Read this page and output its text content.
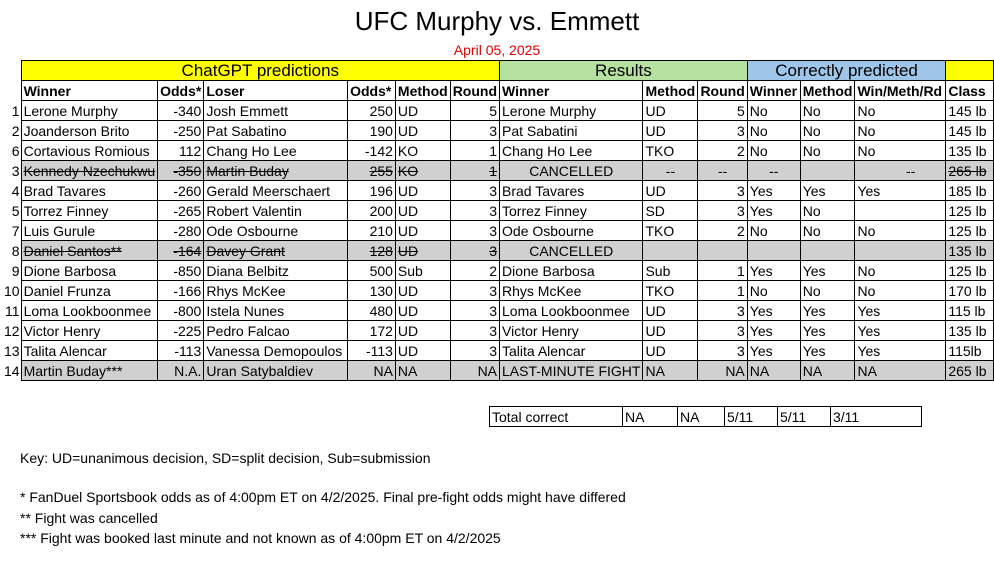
UFC Murphy vs. Emmett
April 05, 2025
	ChatGPT predictions						Results			Correctly predicted			
	Winner	Odds*	Loser	Odds*	Method	Round	Winner	Method	Round	Winner	Method	Win/Meth/Rd	Class
1	Lerone Murphy	-340	Josh Emmett	250	UD	5	Lerone Murphy	UD	5	No	No	No	145 lb
2	Joanderson Brito	-250	Pat Sabatino	190	UD	3	Pat Sabatini	UD	3	No	No	No	145 lb
6	Cortavious Romious	112	Chang Ho Lee	-142	KO	1	Chang Ho Lee	TKO	2	No	No	No	135 lb
3	Kennedy Nzechukwu	-350	Martin Buday	255	KO	1	CANCELLED	--	--	--		--	265 lb
4	Brad Tavares	-260	Gerald Meerschaert	196	UD	3	Brad Tavares	UD	3	Yes	Yes	Yes	185 lb
5	Torrez Finney	-265	Robert Valentin	200	UD	3	Torrez Finney	SD	3	Yes	No		125 lb
7	Luis Gurule	-280	Ode Osbourne	210	UD	3	Ode Osbourne	TKO	2	No	No	No	125 lb
8	Daniel Santos**	-164	Davey Grant	128	UD	3	CANCELLED						135 lb
9	Dione Barbosa	-850	Diana Belbitz	500	Sub	2	Dione Barbosa	Sub	1	Yes	Yes	No	125 lb
10	Daniel Frunza	-166	Rhys McKee	130	UD	3	Rhys McKee	TKO	1	No	No	No	170 lb
11	Loma Lookboonmee	-800	Istela Nunes	480	UD	3	Loma Lookboonmee	UD	3	Yes	Yes	Yes	115 lb
12	Victor Henry	-225	Pedro Falcao	172	UD	3	Victor Henry	UD	3	Yes	Yes	Yes	135 lb
13	Talita Alencar	-113	Vanessa Demopoulos	-113	UD	3	Talita Alencar	UD	3	Yes	Yes	Yes	115lb
14	Martin Buday***	N.A.	Uran Satybaldiev	NA	NA	NA	LAST-MINUTE FIGHT	NA	NA	NA	NA	NA	265 lb
Total correct	NA	NA	5/11	5/11	3/11
Key: UD=unanimous decision, SD=split decision, Sub=submission
* FanDuel Sportsbook odds as of 4:00pm ET on 4/2/2025. Final pre-fight odds might have differed
** Fight was cancelled
*** Fight was booked last minute and not known as of 4:00pm ET on 4/2/2025
